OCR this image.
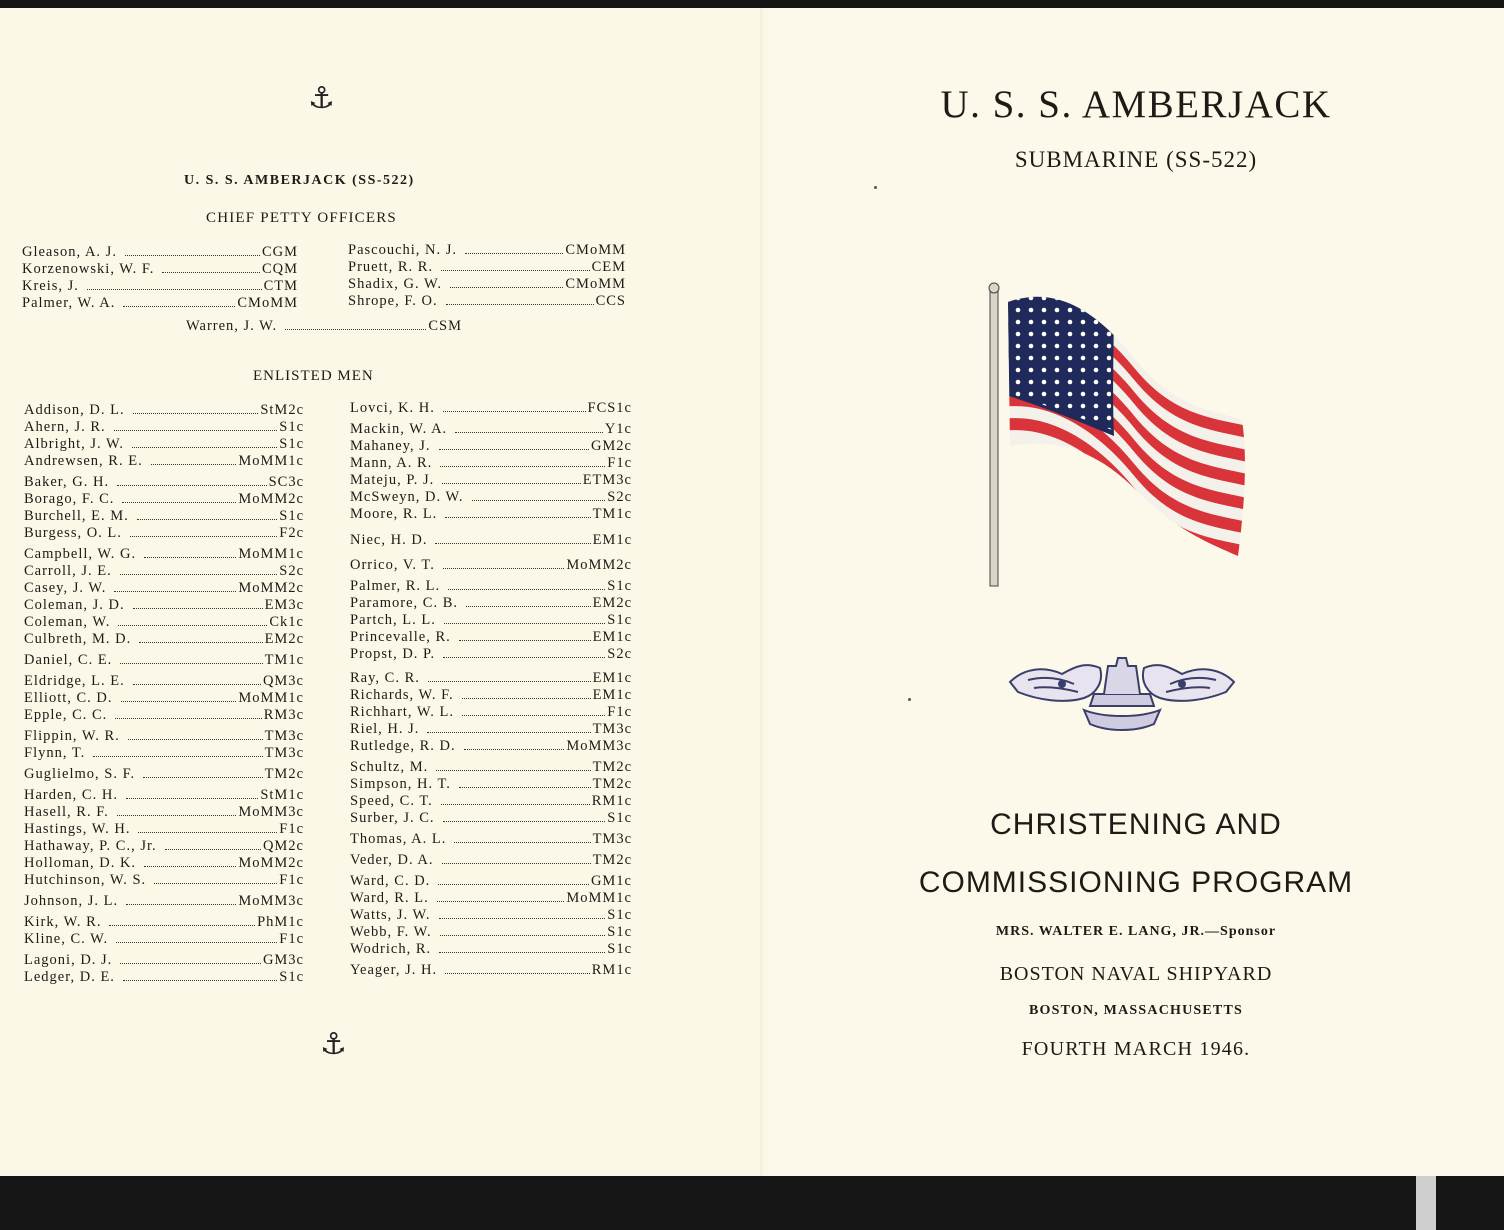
⚓
U. S. S. AMBERJACK (SS-522)
CHIEF PETTY OFFICERS
Gleason, A. J.	CGM
Korzenowski, W. F.	CQM
Kreis, J.	CTM
Palmer, W. A.	CMoMM
Pascouchi, N. J.	CMoMM
Pruett, R. R.	CEM
Shadix, G. W.	CMoMM
Shrope, F. O.	CCS
Warren, J. W.	CSM
ENLISTED MEN
Addison, D. L.	StM2c
Ahern, J. R.	S1c
Albright, J. W.	S1c
Andrewsen, R. E.	MoMM1c
Baker, G. H.	SC3c
Borago, F. C.	MoMM2c
Burchell, E. M.	S1c
Burgess, O. L.	F2c
Campbell, W. G.	MoMM1c
Carroll, J. E.	S2c
Casey, J. W.	MoMM2c
Coleman, J. D.	EM3c
Coleman, W.	Ck1c
Culbreth, M. D.	EM2c
Daniel, C. E.	TM1c
Eldridge, L. E.	QM3c
Elliott, C. D.	MoMM1c
Epple, C. C.	RM3c
Flippin, W. R.	TM3c
Flynn, T.	TM3c
Guglielmo, S. F.	TM2c
Harden, C. H.	StM1c
Hasell, R. F.	MoMM3c
Hastings, W. H.	F1c
Hathaway, P. C., Jr.	QM2c
Holloman, D. K.	MoMM2c
Hutchinson, W. S.	F1c
Johnson, J. L.	MoMM3c
Kirk, W. R.	PhM1c
Kline, C. W.	F1c
Lagoni, D. J.	GM3c
Ledger, D. E.	S1c
Lovci, K. H.	FCS1c
Mackin, W. A.	Y1c
Mahaney, J.	GM2c
Mann, A. R.	F1c
Mateju, P. J.	ETM3c
McSweyn, D. W.	S2c
Moore, R. L.	TM1c
Niec, H. D.	EM1c
Orrico, V. T.	MoMM2c
Palmer, R. L.	S1c
Paramore, C. B.	EM2c
Partch, L. L.	S1c
Princevalle, R.	EM1c
Propst, D. P.	S2c
Ray, C. R.	EM1c
Richards, W. F.	EM1c
Richhart, W. L.	F1c
Riel, H. J.	TM3c
Rutledge, R. D.	MoMM3c
Schultz, M.	TM2c
Simpson, H. T.	TM2c
Speed, C. T.	RM1c
Surber, J. C.	S1c
Thomas, A. L.	TM3c
Veder, D. A.	TM2c
Ward, C. D.	GM1c
Ward, R. L.	MoMM1c
Watts, J. W.	S1c
Webb, F. W.	S1c
Wodrich, R.	S1c
Yeager, J. H.	RM1c
⚓
U. S. S. AMBERJACK
SUBMARINE (SS-522)
CHRISTENING AND
COMMISSIONING PROGRAM
MRS. WALTER E. LANG, JR.—Sponsor
BOSTON NAVAL SHIPYARD
BOSTON, MASSACHUSETTS
FOURTH MARCH 1946.
